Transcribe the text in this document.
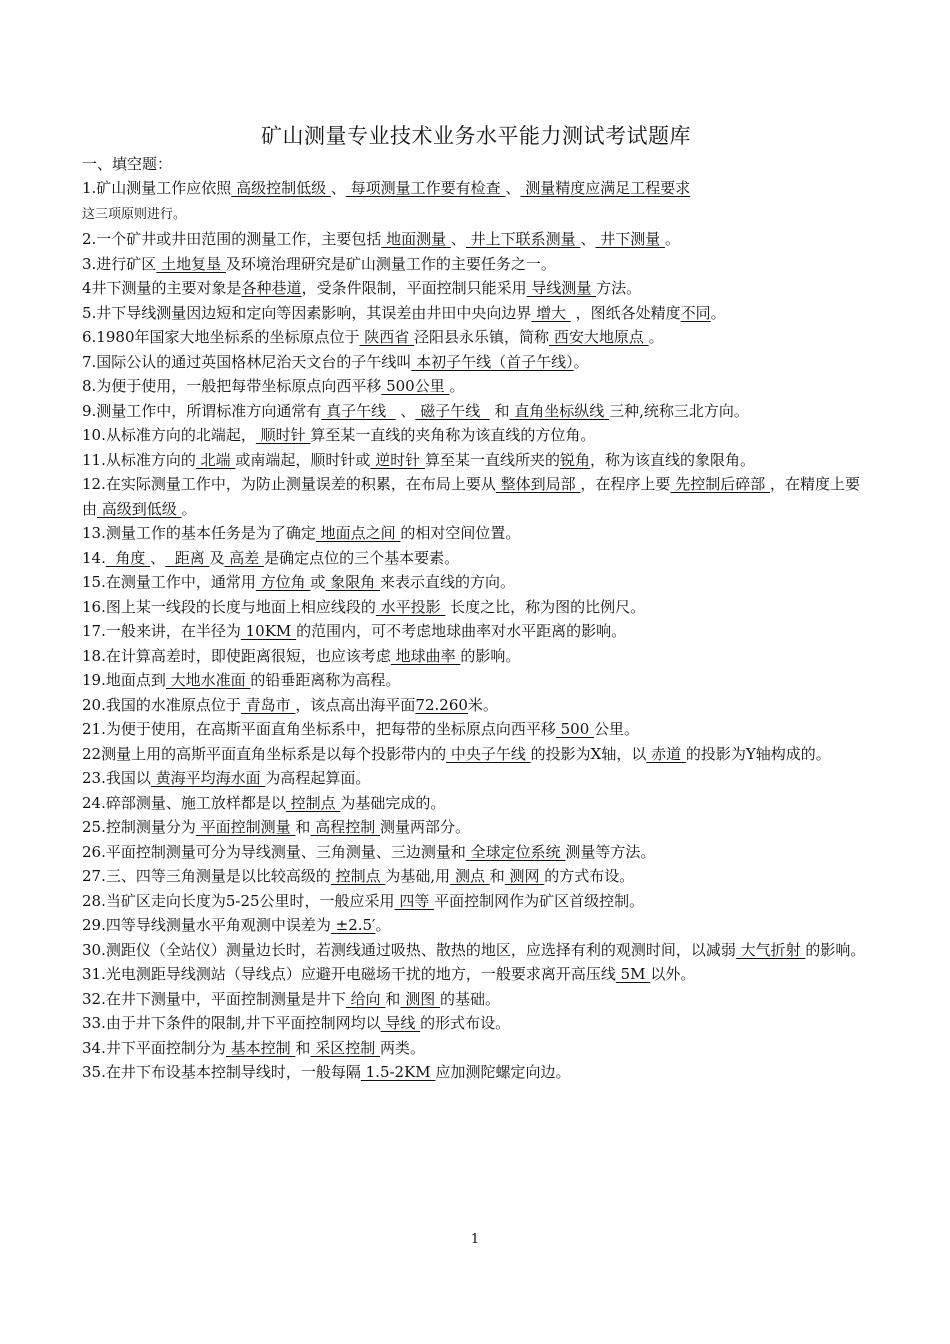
矿山测量专业技术业务水平能力测试考试题库
一、填空题：
1.矿山测量工作应依照 高级控制低级 、 每项测量工作要有检查 、 测量精度应满足工程要求
这三项原则进行。
2.一个矿井或井田范围的测量工作，主要包括 地面测量 、 井上下联系测量 、 井下测量 。
3.进行矿区 土地复垦 及环境治理研究是矿山测量工作的主要任务之一。
4井下测量的主要对象是各种巷道，受条件限制，平面控制只能采用 导线测量 方法。
5.井下导线测量因边短和定向等因素影响，其误差由井田中央向边界 增大  ，图纸各处精度不同。
6.1980年国家大地坐标系的坐标原点位于 陕西省 泾阳县永乐镇，简称 西安大地原点 。
7.国际公认的通过英国格林尼治天文台的子午线叫 本初子午线（首子午线）。
8.为便于使用，一般把每带坐标原点向西平移 500公里 。
9.测量工作中，所谓标准方向通常有 真子午线   、 磁子午线   和 直角坐标纵线 三种,统称三北方向。
10.从标准方向的北端起， 顺时针 算至某一直线的夹角称为该直线的方位角。
11.从标准方向的 北端 或南端起，顺时针或 逆时针 算至某一直线所夹的锐角，称为该直线的象限角。
12.在实际测量工作中，为防止测量误差的积累，在布局上要从 整体到局部 ，在程序上要 先控制后碎部 ，在精度上要由 高级到低级 。
13.测量工作的基本任务是为了确定 地面点之间 的相对空间位置。
14.  角度 、  距离 及 高差 是确定点位的三个基本要素。
15.在测量工作中，通常用 方位角 或 象限角 来表示直线的方向。
16.图上某一线段的长度与地面上相应线段的 水平投影  长度之比，称为图的比例尺。
17.一般来讲，在半径为 10KM 的范围内，可不考虑地球曲率对水平距离的影响。
18.在计算高差时，即使距离很短，也应该考虑 地球曲率 的影响。
19.地面点到 大地水准面 的铅垂距离称为高程。
20.我国的水准原点位于 青岛市 ，该点高出海平面72.260米。
21.为便于使用，在高斯平面直角坐标系中，把每带的坐标原点向西平移 500 公里。
22测量上用的高斯平面直角坐标系是以每个投影带内的 中央子午线 的投影为X轴，以 赤道 的投影为Y轴构成的。
23.我国以 黄海平均海水面 为高程起算面。
24.碎部测量、施工放样都是以 控制点 为基础完成的。
25.控制测量分为 平面控制测量 和 高程控制 测量两部分。
26.平面控制测量可分为导线测量、三角测量、三边测量和 全球定位系统 测量等方法。
27.三、四等三角测量是以比较高级的 控制点 为基础,用 测点 和 测网 的方式布设。
28.当矿区走向长度为5-25公里时，一般应采用 四等 平面控制网作为矿区首级控制。
29.四等导线测量水平角观测中误差为 ±2.5′。
30.测距仪（全站仪）测量边长时，若测线通过吸热、散热的地区，应选择有利的观测时间，以减弱 大气折射 的影响。
31.光电测距导线测站（导线点）应避开电磁场干扰的地方，一般要求离开高压线 5M 以外。
32.在井下测量中，平面控制测量是井下 给向 和 测图 的基础。
33.由于井下条件的限制,井下平面控制网均以 导线 的形式布设。
34.井下平面控制分为 基本控制 和 采区控制 两类。
35.在井下布设基本控制导线时，一般每隔 1.5-2KM 应加测陀螺定向边。
1
